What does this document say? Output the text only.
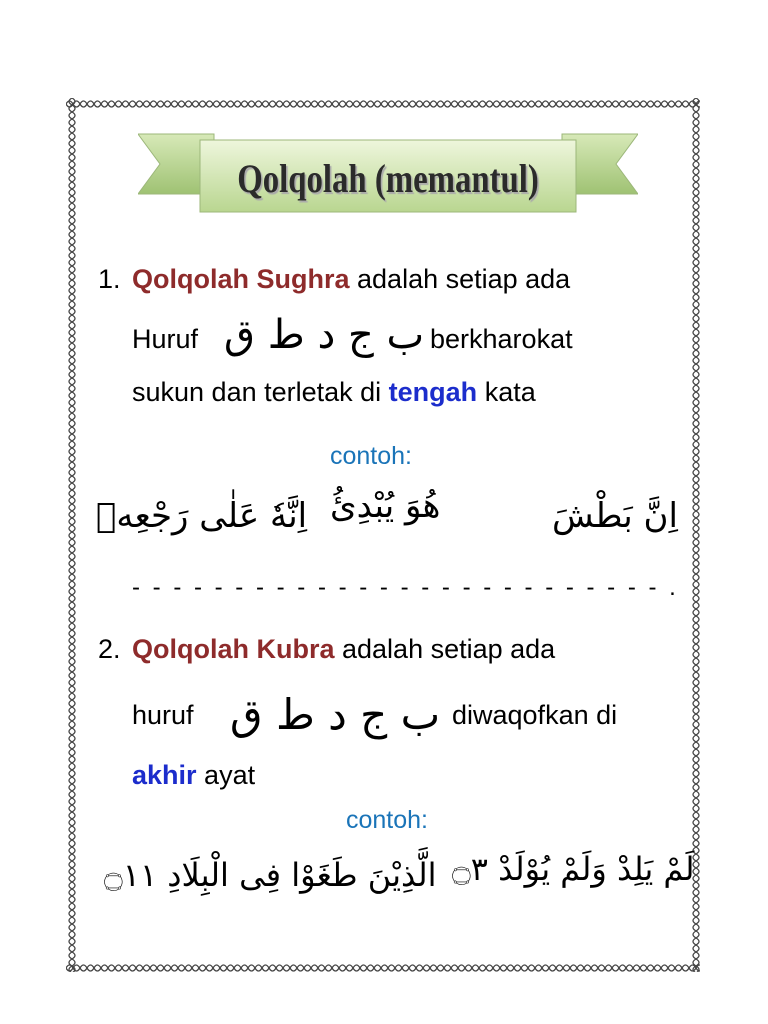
Qolqolah (memantul)
1. Qolqolah Sughra adalah setiap ada
Huruf ب ج د ط ق berkharokat
sukun dan terletak di tengah kata
contoh:
اِنَّهٗ عَلٰى رَجْعِهٖ هُوَ يُبْدِئُ	اِنَّ بَطْشَ
- - - - - - - - - - - - - - - - - - - - - - - - - - .
2. Qolqolah Kubra adalah setiap ada
huruf ب ج د ط ق diwaqofkan di
akhir ayat
contoh:
الَّذِيْنَ طَغَوْا فِى الْبِلَادِ ۝١١ لَمْ يَلِدْ وَلَمْ يُوْلَدْ ۝٣
